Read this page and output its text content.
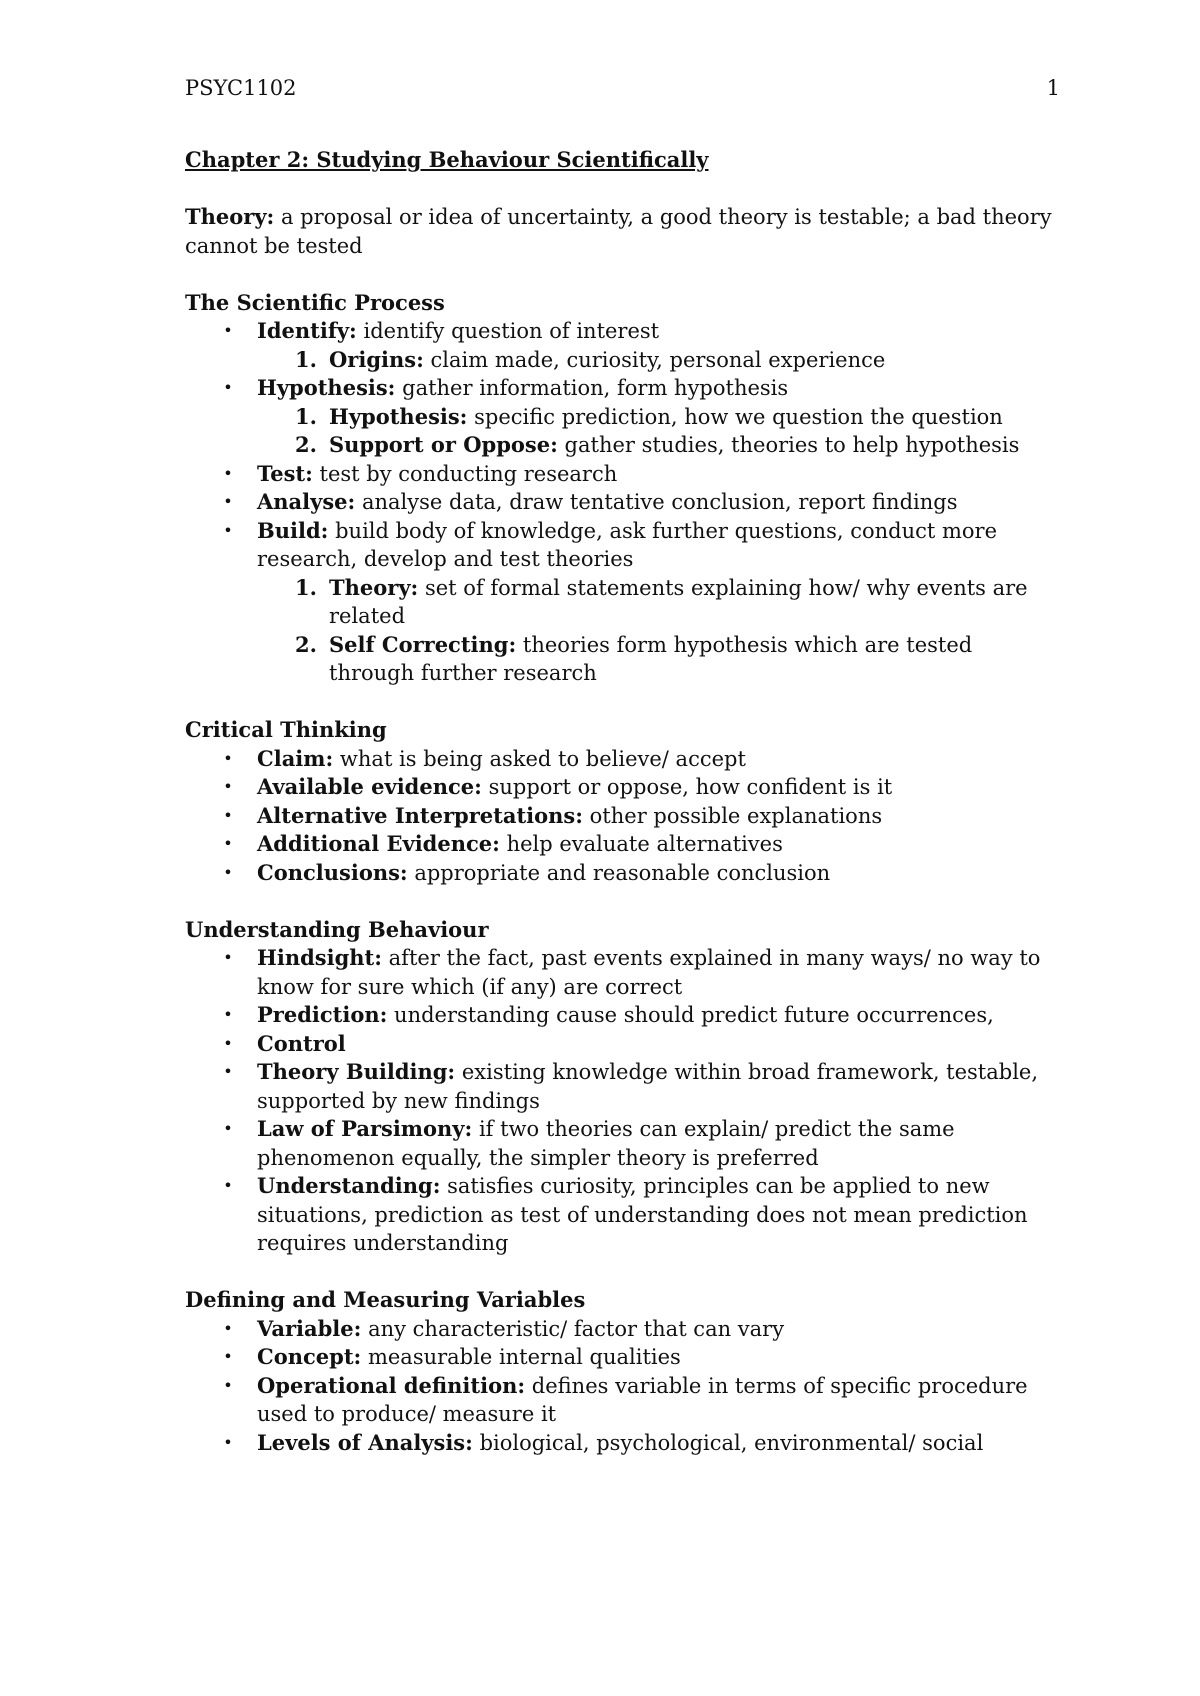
PSYC1102	1

Chapter 2: Studying Behaviour Scientifically

Theory: a proposal or idea of uncertainty, a good theory is testable; a bad theory cannot be tested

The Scientific Process

• Identify: identify question of interest
1. Origins: claim made, curiosity, personal experience
• Hypothesis: gather information, form hypothesis
1. Hypothesis: specific prediction, how we question the question
2. Support or Oppose: gather studies, theories to help hypothesis
• Test: test by conducting research
• Analyse: analyse data, draw tentative conclusion, report findings
• Build: build body of knowledge, ask further questions, conduct more research, develop and test theories
1. Theory: set of formal statements explaining how/ why events are related
2. Self Correcting: theories form hypothesis which are tested through further research

Critical Thinking

• Claim: what is being asked to believe/ accept
• Available evidence: support or oppose, how confident is it
• Alternative Interpretations: other possible explanations
• Additional Evidence: help evaluate alternatives
• Conclusions: appropriate and reasonable conclusion

Understanding Behaviour

• Hindsight: after the fact, past events explained in many ways/ no way to know for sure which (if any) are correct
• Prediction: understanding cause should predict future occurrences,
• Control
• Theory Building: existing knowledge within broad framework, testable, supported by new findings
• Law of Parsimony: if two theories can explain/ predict the same phenomenon equally, the simpler theory is preferred
• Understanding: satisfies curiosity, principles can be applied to new situations, prediction as test of understanding does not mean prediction requires understanding

Defining and Measuring Variables

• Variable: any characteristic/ factor that can vary
• Concept: measurable internal qualities
• Operational definition: defines variable in terms of specific procedure used to produce/ measure it
• Levels of Analysis: biological, psychological, environmental/ social
